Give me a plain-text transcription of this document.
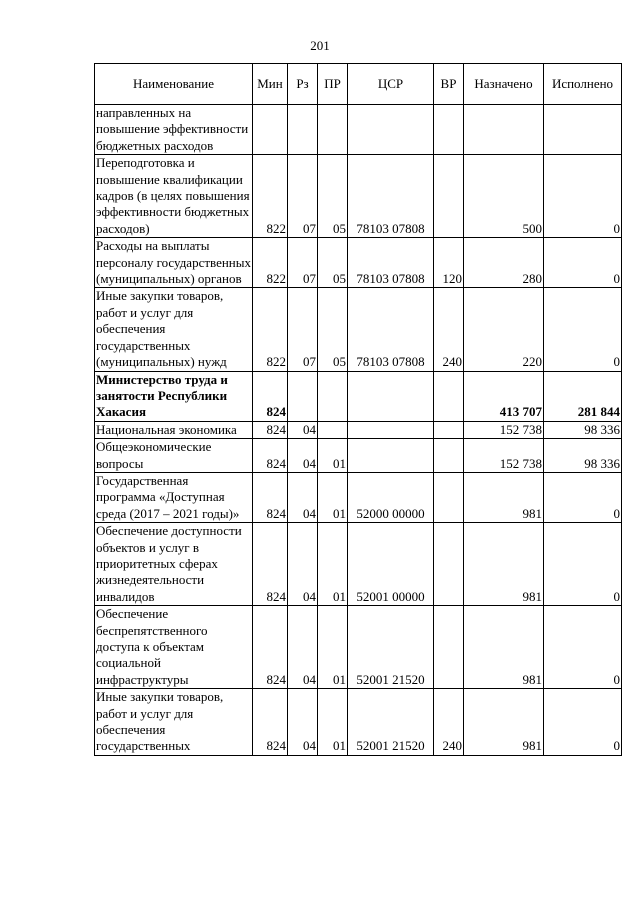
201
Наименование	Мин	Рз	ПР	ЦСР	ВР	Назначено	Исполнено
направленных на повышение эффективности бюджетных расходов							
Переподготовка и повышение квалификации кадров (в целях повышения эффективности бюджетных расходов)	822	07	05	78103 07808		500	0
Расходы на выплаты персоналу государственных (муниципальных) органов	822	07	05	78103 07808	120	280	0
Иные закупки товаров, работ и услуг для обеспечения государственных (муниципальных) нужд	822	07	05	78103 07808	240	220	0
Министерство труда и занятости Республики Хакасия	824					413 707	281 844
Национальная экономика	824	04				152 738	98 336
Общеэкономические вопросы	824	04	01			152 738	98 336
Государственная программа «Доступная среда (2017 – 2021 годы)»	824	04	01	52000 00000		981	0
Обеспечение доступности объектов и услуг в приоритетных сферах жизнедеятельности инвалидов	824	04	01	52001 00000		981	0
Обеспечение беспрепятственного доступа к объектам социальной инфраструктуры	824	04	01	52001 21520		981	0
Иные закупки товаров, работ и услуг для обеспечения государственных	824	04	01	52001 21520	240	981	0
